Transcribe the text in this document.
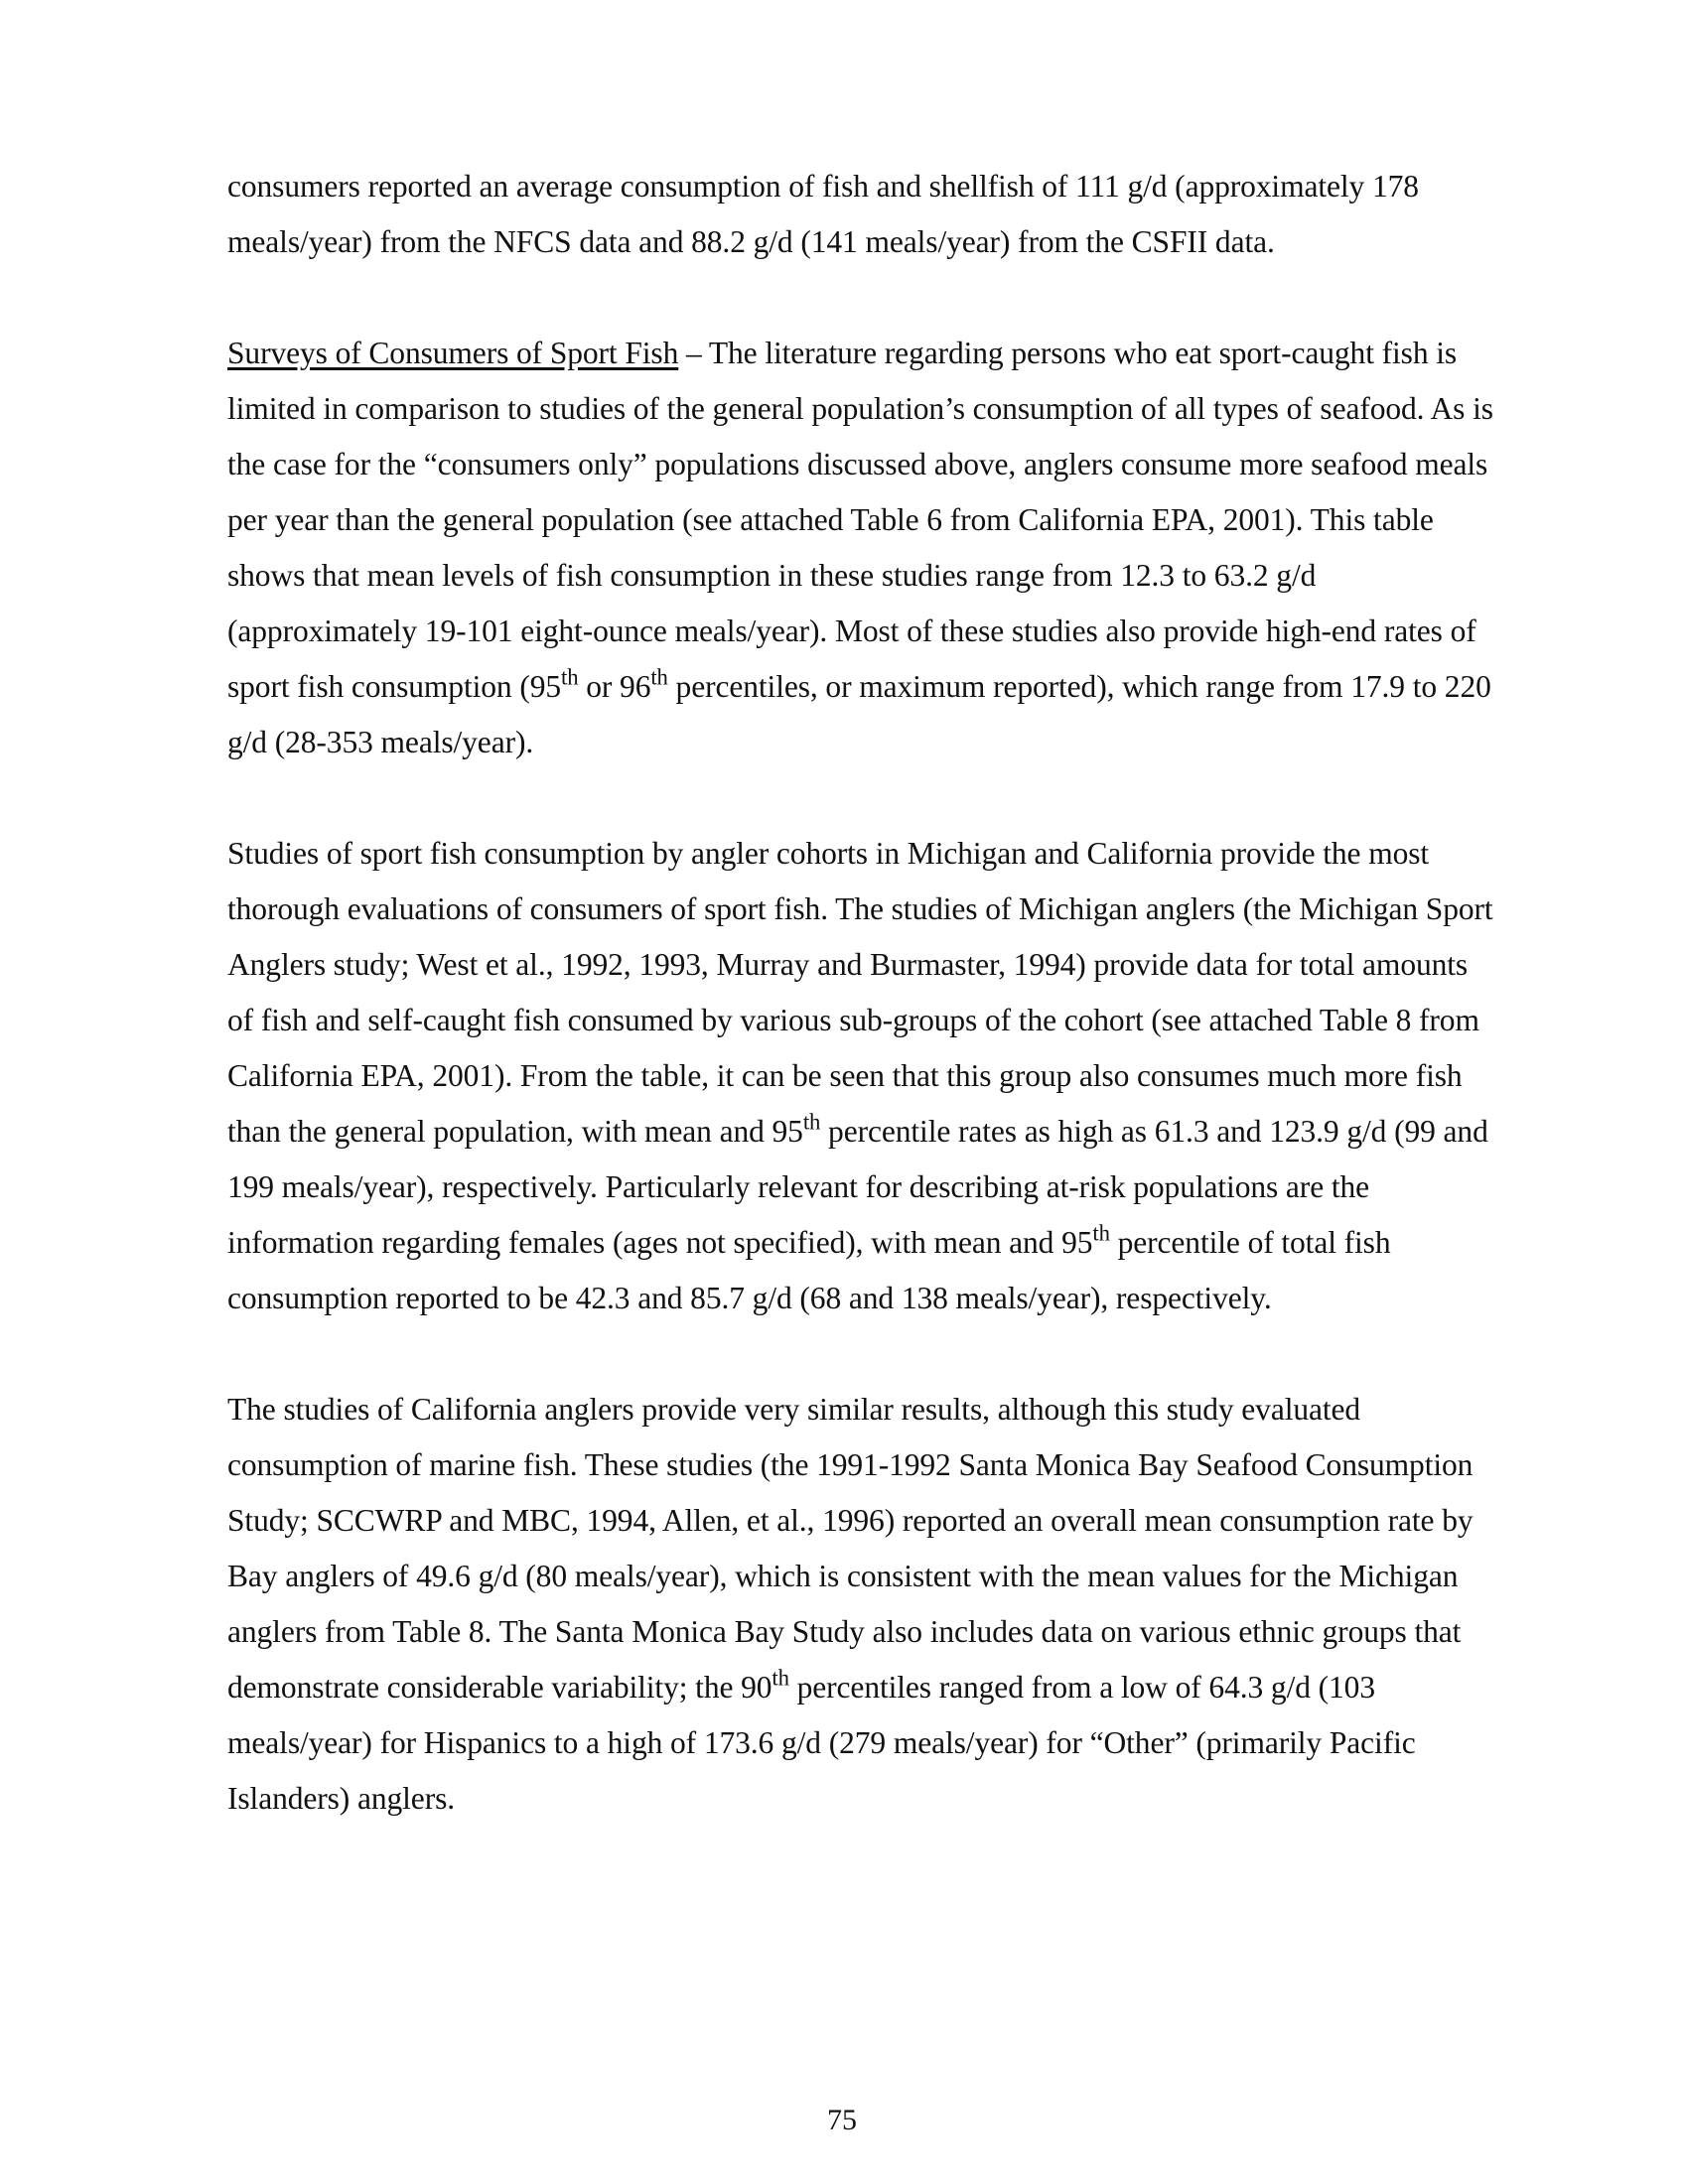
consumers reported an average consumption of fish and shellfish of 111 g/d (approximately 178 meals/year) from the NFCS data and 88.2 g/d (141 meals/year) from the CSFII data.

Surveys of Consumers of Sport Fish – The literature regarding persons who eat sport-caught fish is limited in comparison to studies of the general population’s consumption of all types of seafood. As is the case for the “consumers only” populations discussed above, anglers consume more seafood meals per year than the general population (see attached Table 6 from California EPA, 2001). This table shows that mean levels of fish consumption in these studies range from 12.3 to 63.2 g/d (approximately 19-101 eight-ounce meals/year). Most of these studies also provide high-end rates of sport fish consumption (95th or 96th percentiles, or maximum reported), which range from 17.9 to 220 g/d (28-353 meals/year).

Studies of sport fish consumption by angler cohorts in Michigan and California provide the most thorough evaluations of consumers of sport fish. The studies of Michigan anglers (the Michigan Sport Anglers study; West et al., 1992, 1993, Murray and Burmaster, 1994) provide data for total amounts of fish and self-caught fish consumed by various sub-groups of the cohort (see attached Table 8 from California EPA, 2001). From the table, it can be seen that this group also consumes much more fish than the general population, with mean and 95th percentile rates as high as 61.3 and 123.9 g/d (99 and 199 meals/year), respectively. Particularly relevant for describing at-risk populations are the information regarding females (ages not specified), with mean and 95th percentile of total fish consumption reported to be 42.3 and 85.7 g/d (68 and 138 meals/year), respectively.

The studies of California anglers provide very similar results, although this study evaluated consumption of marine fish. These studies (the 1991-1992 Santa Monica Bay Seafood Consumption Study; SCCWRP and MBC, 1994, Allen, et al., 1996) reported an overall mean consumption rate by Bay anglers of 49.6 g/d (80 meals/year), which is consistent with the mean values for the Michigan anglers from Table 8. The Santa Monica Bay Study also includes data on various ethnic groups that demonstrate considerable variability; the 90th percentiles ranged from a low of 64.3 g/d (103 meals/year) for Hispanics to a high of 173.6 g/d (279 meals/year) for “Other” (primarily Pacific Islanders) anglers.

75
